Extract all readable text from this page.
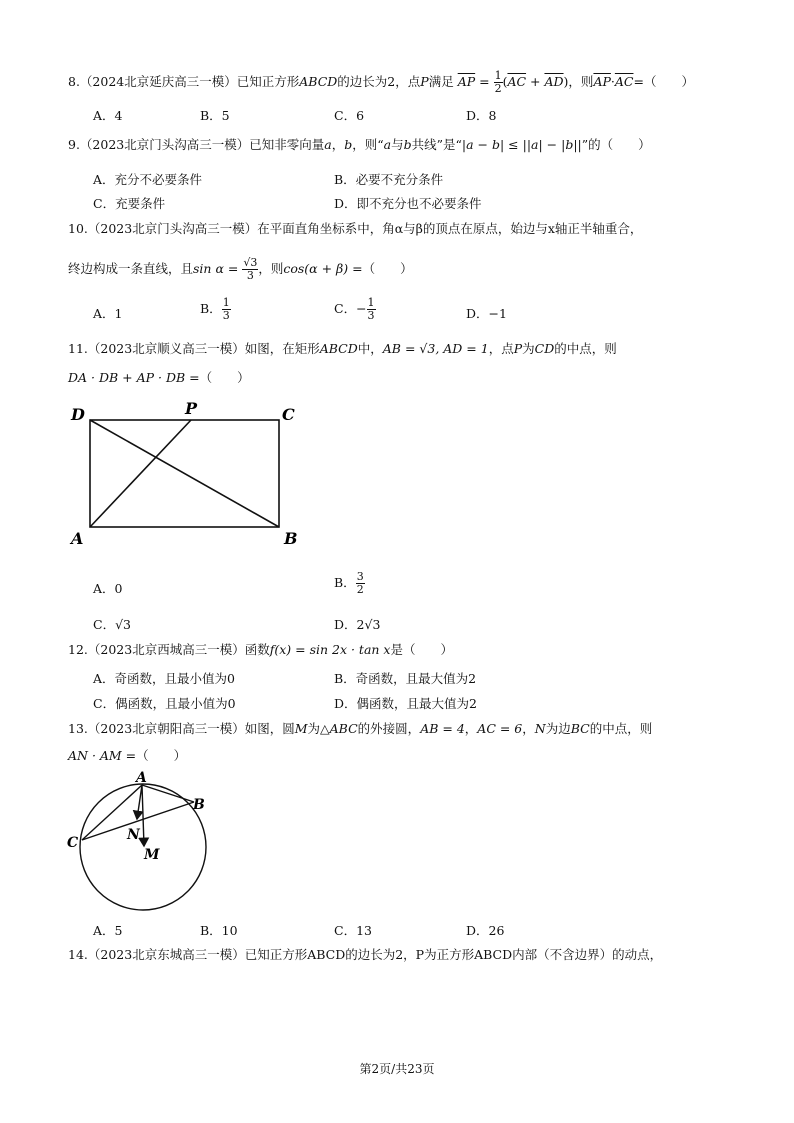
8.（2024北京延庆高三一模）已知正方形ABCD的边长为2，点P满足 $\overline{AP} = \frac{1}{2} (\overline{AC} + \overline{AD})$，则$\overline{AP}\cdot\overline{AC}=$（　　）
A．4	B．5	C．6	D．8
9.（2023北京门头沟高三一模）已知非零向量a，b，则“a与b共线”是“|a − b| ≤ ||a| − |b||”的（　　）
A．充分不必要条件	B．必要不充分条件
C．充要条件	D．即不充分也不必要条件
10.（2023北京门头沟高三一模）在平面直角坐标系中，角α与β的顶点在原点，始边与x轴正半轴重合，
终边构成一条直线，且$\sin \alpha = \frac{√3}{3}$ ，则cos(α + β) =（　　）
A．1	B． $\frac{1}{3}$	C．− $\frac{1}{3}$	D．−1
11.（2023北京顺义高三一模）如图，在矩形ABCD中，AB = √3, AD = 1，点P为CD的中点，则
DA · DB + AP · DB =（　　）
D	P	C
A	B
A．0	B． $\frac{3}{2}$
C．√3	D．2√3
12.（2023北京西城高三一模）函数f(x) = sin 2x · tan x是（　　）
A．奇函数，且最小值为0	B．奇函数，且最大值为2
C．偶函数，且最小值为0	D．偶函数，且最大值为2
13.（2023北京朝阳高三一模）如图，圆M为△ABC的外接圆，AB = 4，AC = 6，N为边BC的中点，则
AN · AM =（　　）
A
B
C	N
M
A．5	B．10	C．13	D．26
14.（2023北京东城高三一模）已知正方形ABCD的边长为2，P为正方形ABCD内部（不含边界）的动点，
第2页/共23页
